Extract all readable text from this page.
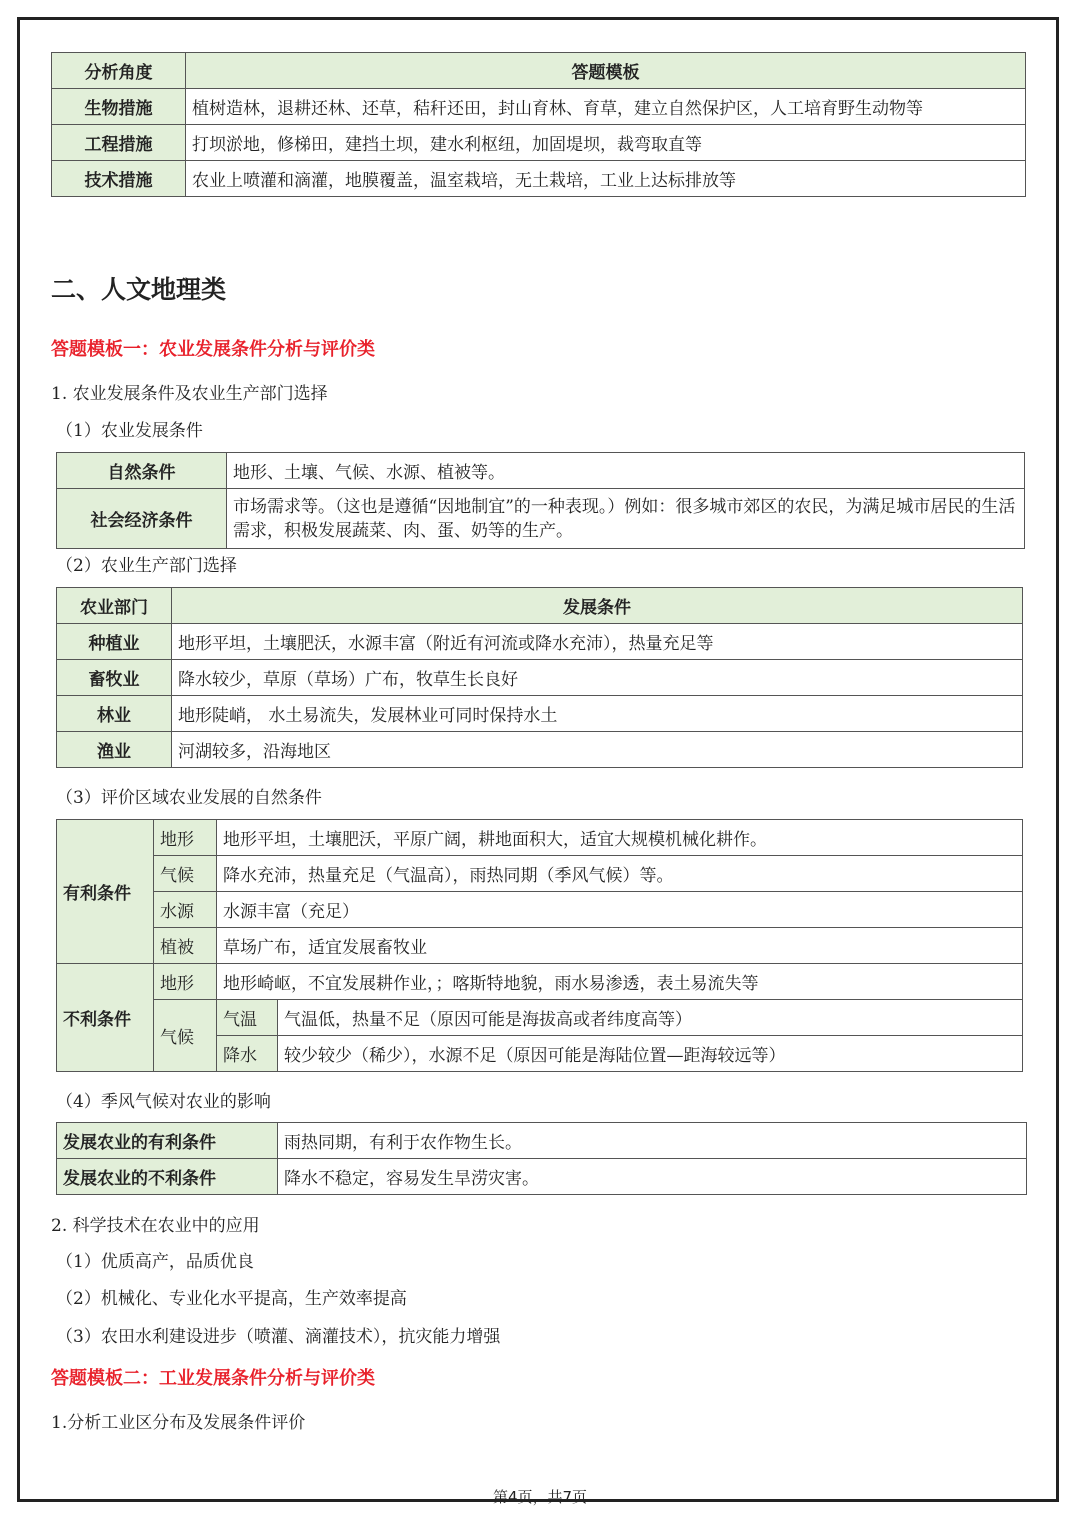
分析角度	答题模板
生物措施	植树造林，退耕还林、还草，秸秆还田，封山育林、育草，建立自然保护区，人工培育野生动物等
工程措施	打坝淤地，修梯田，建挡土坝，建水利枢纽，加固堤坝，裁弯取直等
技术措施	农业上喷灌和滴灌，地膜覆盖，温室栽培，无土栽培，工业上达标排放等
二、人文地理类
答题模板一：农业发展条件分析与评价类
1. 农业发展条件及农业生产部门选择
（1）农业发展条件
自然条件	地形、土壤、气候、水源、植被等。
社会经济条件	市场需求等。（这也是遵循“因地制宜”的一种表现。）例如：很多城市郊区的农民，为满足城市居民的生活需求，积极发展蔬菜、肉、蛋、奶等的生产。
（2）农业生产部门选择
农业部门	发展条件
种植业	地形平坦，土壤肥沃，水源丰富（附近有河流或降水充沛），热量充足等
畜牧业	降水较少，草原（草场）广布，牧草生长良好
林业	地形陡峭， 水土易流失，发展林业可同时保持水土
渔业	河湖较多，沿海地区
（3）评价区域农业发展的自然条件
有利条件	地形	地形平坦，土壤肥沃，平原广阔，耕地面积大，适宜大规模机械化耕作。	
	气候	降水充沛，热量充足（气温高），雨热同期（季风气候）等。	
	水源	水源丰富（充足）	
	植被	草场广布，适宜发展畜牧业	
不利条件	地形	地形崎岖，不宜发展耕作业，；喀斯特地貌，雨水易渗透，表土易流失等	
	气候	气温	气温低，热量不足（原因可能是海拔高或者纬度高等）
		降水	较少较少（稀少），水源不足（原因可能是海陆位置—距海较远等）
（4）季风气候对农业的影响
发展农业的有利条件	雨热同期，有利于农作物生长。
发展农业的不利条件	降水不稳定，容易发生旱涝灾害。
2. 科学技术在农业中的应用
（1）优质高产，品质优良
（2）机械化、专业化水平提高，生产效率提高
（3）农田水利建设进步（喷灌、滴灌技术），抗灾能力增强
答题模板二：工业发展条件分析与评价类
1.分析工业区分布及发展条件评价
第4页，共7页
